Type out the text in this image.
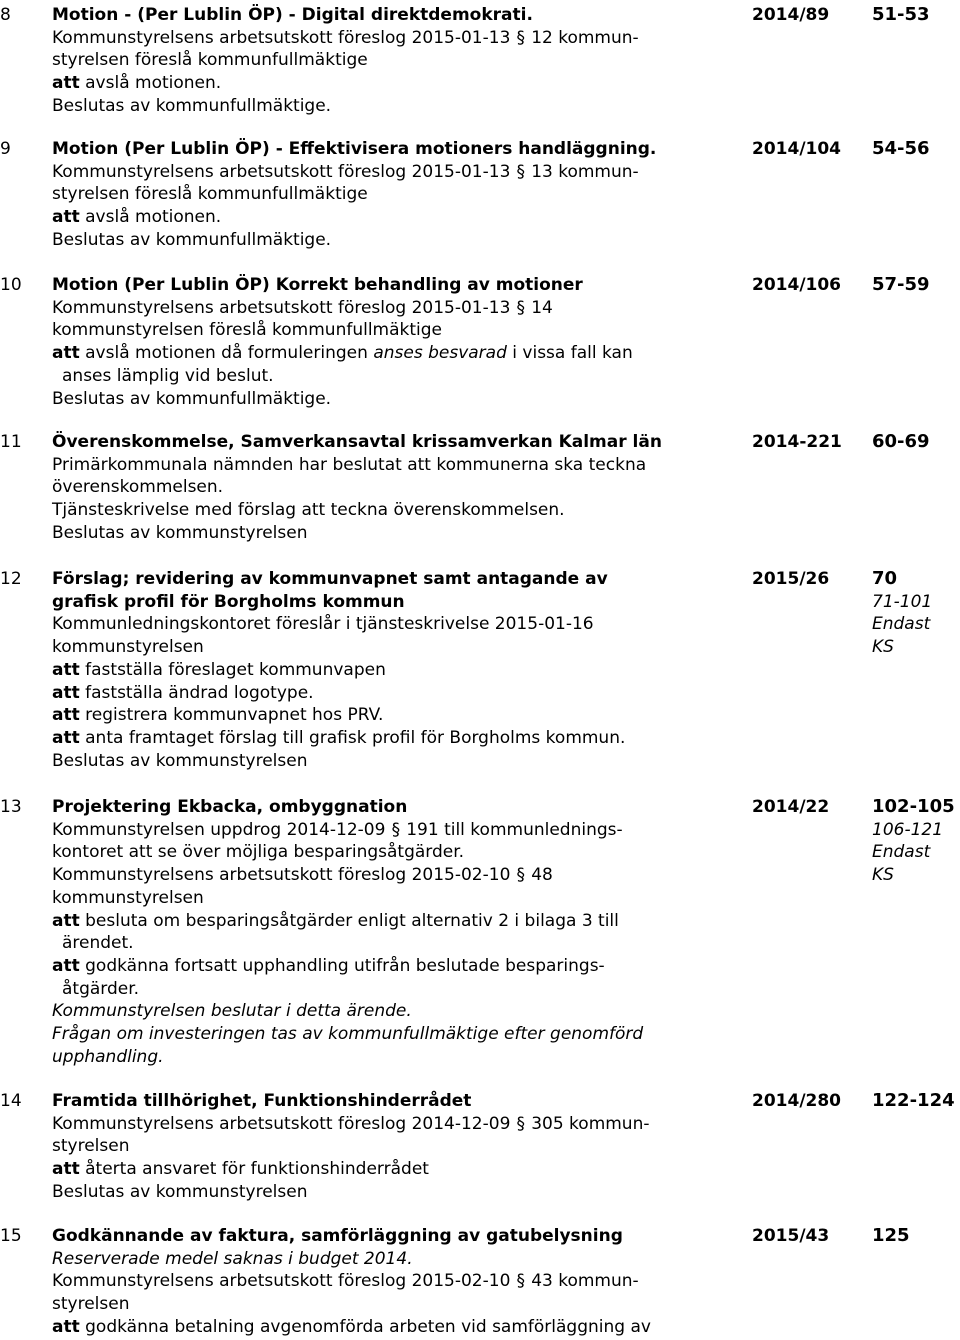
8	Motion - (Per Lublin ÖP) - Digital direktdemokrati.
Kommunstyrelsens arbetsutskott föreslog 2015-01-13 § 12 kommun-
styrelsen föreslå kommunfullmäktige
att avslå motionen.
Beslutas av kommunfullmäktige.
2014/89 51-53
9	Motion (Per Lublin ÖP) - Effektivisera motioners handläggning.
Kommunstyrelsens arbetsutskott föreslog 2015-01-13 § 13 kommun-
styrelsen föreslå kommunfullmäktige
att avslå motionen.
Beslutas av kommunfullmäktige.
2014/104 54-56
10	Motion (Per Lublin ÖP) Korrekt behandling av motioner
Kommunstyrelsens arbetsutskott föreslog 2015-01-13 § 14
kommunstyrelsen föreslå kommunfullmäktige
att avslå motionen då formuleringen anses besvarad i vissa fall kan
anses lämplig vid beslut.
Beslutas av kommunfullmäktige.
2014/106 57-59
11	Överenskommelse, Samverkansavtal krissamverkan Kalmar län
Primärkommunala nämnden har beslutat att kommunerna ska teckna
överenskommelsen.
Tjänsteskrivelse med förslag att teckna överenskommelsen.
Beslutas av kommunstyrelsen
2014-221 60-69
12	Förslag; revidering av kommunvapnet samt antagande av
grafisk profil för Borgholms kommun
Kommunledningskontoret föreslår i tjänsteskrivelse 2015-01-16
kommunstyrelsen
att fastställa föreslaget kommunvapen
att fastställa ändrad logotype.
att registrera kommunvapnet hos PRV.
att anta framtaget förslag till grafisk profil för Borgholms kommun.
Beslutas av kommunstyrelsen
2015/26 70
71-101
Endast
KS
13	Projektering Ekbacka, ombyggnation
Kommunstyrelsen uppdrog 2014-12-09 § 191 till kommunlednings-
kontoret att se över möjliga besparingsåtgärder.
Kommunstyrelsens arbetsutskott föreslog 2015-02-10 § 48
kommunstyrelsen
att besluta om besparingsåtgärder enligt alternativ 2 i bilaga 3 till
ärendet.
att godkänna fortsatt upphandling utifrån beslutade besparings-
åtgärder.
Kommunstyrelsen beslutar i detta ärende.
Frågan om investeringen tas av kommunfullmäktige efter genomförd
upphandling.
2014/22 102-105
106-121
Endast
KS
14	Framtida tillhörighet, Funktionshinderrådet
Kommunstyrelsens arbetsutskott föreslog 2014-12-09 § 305 kommun-
styrelsen
att återta ansvaret för funktionshinderrådet
Beslutas av kommunstyrelsen
2014/280 122-124
15	Godkännande av faktura, samförläggning av gatubelysning
Reserverade medel saknas i budget 2014.
Kommunstyrelsens arbetsutskott föreslog 2015-02-10 § 43 kommun-
styrelsen
att godkänna betalning avgenomförda arbeten vid samförläggning av
2015/43 125
